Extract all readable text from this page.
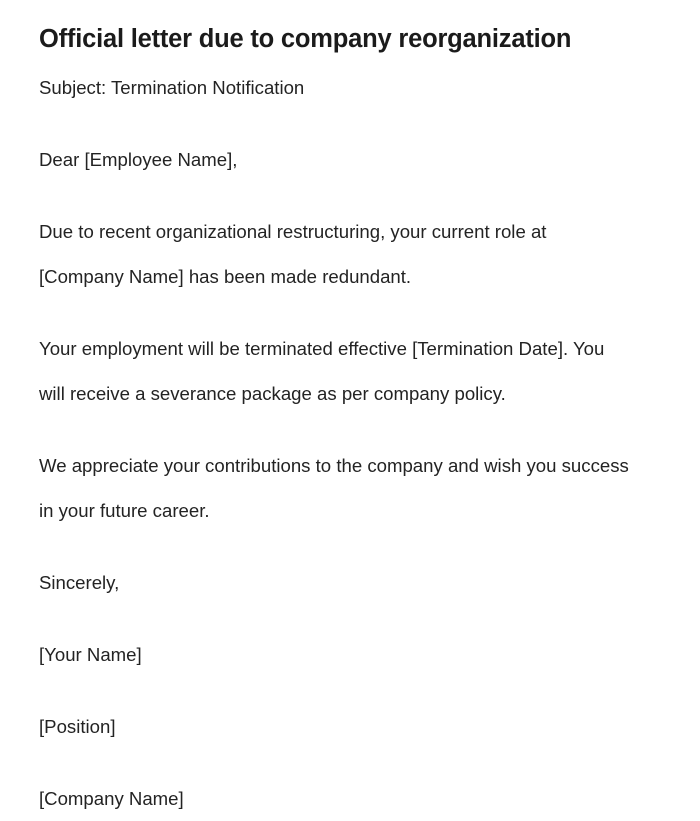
Official letter due to company reorganization

Subject: Termination Notification

Dear [Employee Name],

Due to recent organizational restructuring, your current role at [Company Name] has been made redundant.

Your employment will be terminated effective [Termination Date]. You will receive a severance package as per company policy.

We appreciate your contributions to the company and wish you success in your future career.

Sincerely,

[Your Name]

[Position]

[Company Name]
